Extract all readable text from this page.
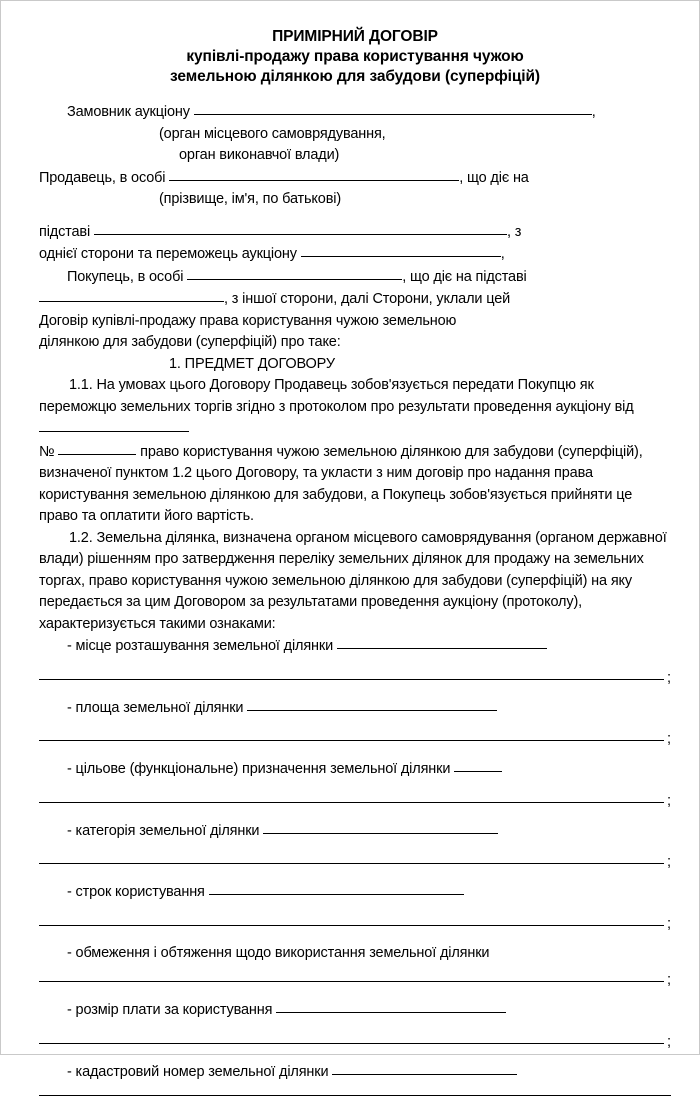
ПРИМІРНИЙ ДОГОВІР
купівлі-продажу права користування чужою
земельною ділянкою для забудови (суперфіцій)
Замовник аукціону	,
(орган місцевого самоврядування,
орган виконавчої влади)
Продавець, в особі	, що діє на
(прізвище, ім'я, по батькові)
підставі	, з
однієї сторони та переможець аукціону	,
Покупець, в особі	, що діє на підставі
, з іншої сторони, далі Сторони, уклали цей
Договір купівлі-продажу права користування чужою земельною
ділянкою для забудови (суперфіцій) про таке:
1. ПРЕДМЕТ ДОГОВОРУ
1.1. На умовах цього Договору Продавець зобов'язується передати Покупцю як переможцю земельних торгів згідно з протоколом про результати проведення аукціону від
№	право користування чужою земельною ділянкою для забудови (суперфіцій), визначеної пунктом 1.2 цього Договору, та укласти з ним договір про надання права користування земельною ділянкою для забудови, а Покупець зобов'язується прийняти це право та оплатити його вартість.
1.2. Земельна ділянка, визначена органом місцевого самоврядування (органом державної влади) рішенням про затвердження переліку земельних ділянок для продажу на земельних торгах, право користування чужою земельною ділянкою для забудови (суперфіцій) на яку  передається за цим Договором за результатами проведення аукціону (протоколу), характеризується такими ознаками:
- місце розташування земельної ділянки
;
- площа земельної ділянки
;
- цільове (функціональне) призначення земельної ділянки
;
- категорія земельної ділянки
;
- строк користування
;
- обмеження і обтяження щодо використання земельної ділянки
;
- розмір плати за користування
;
- кадастровий номер земельної ділянки
